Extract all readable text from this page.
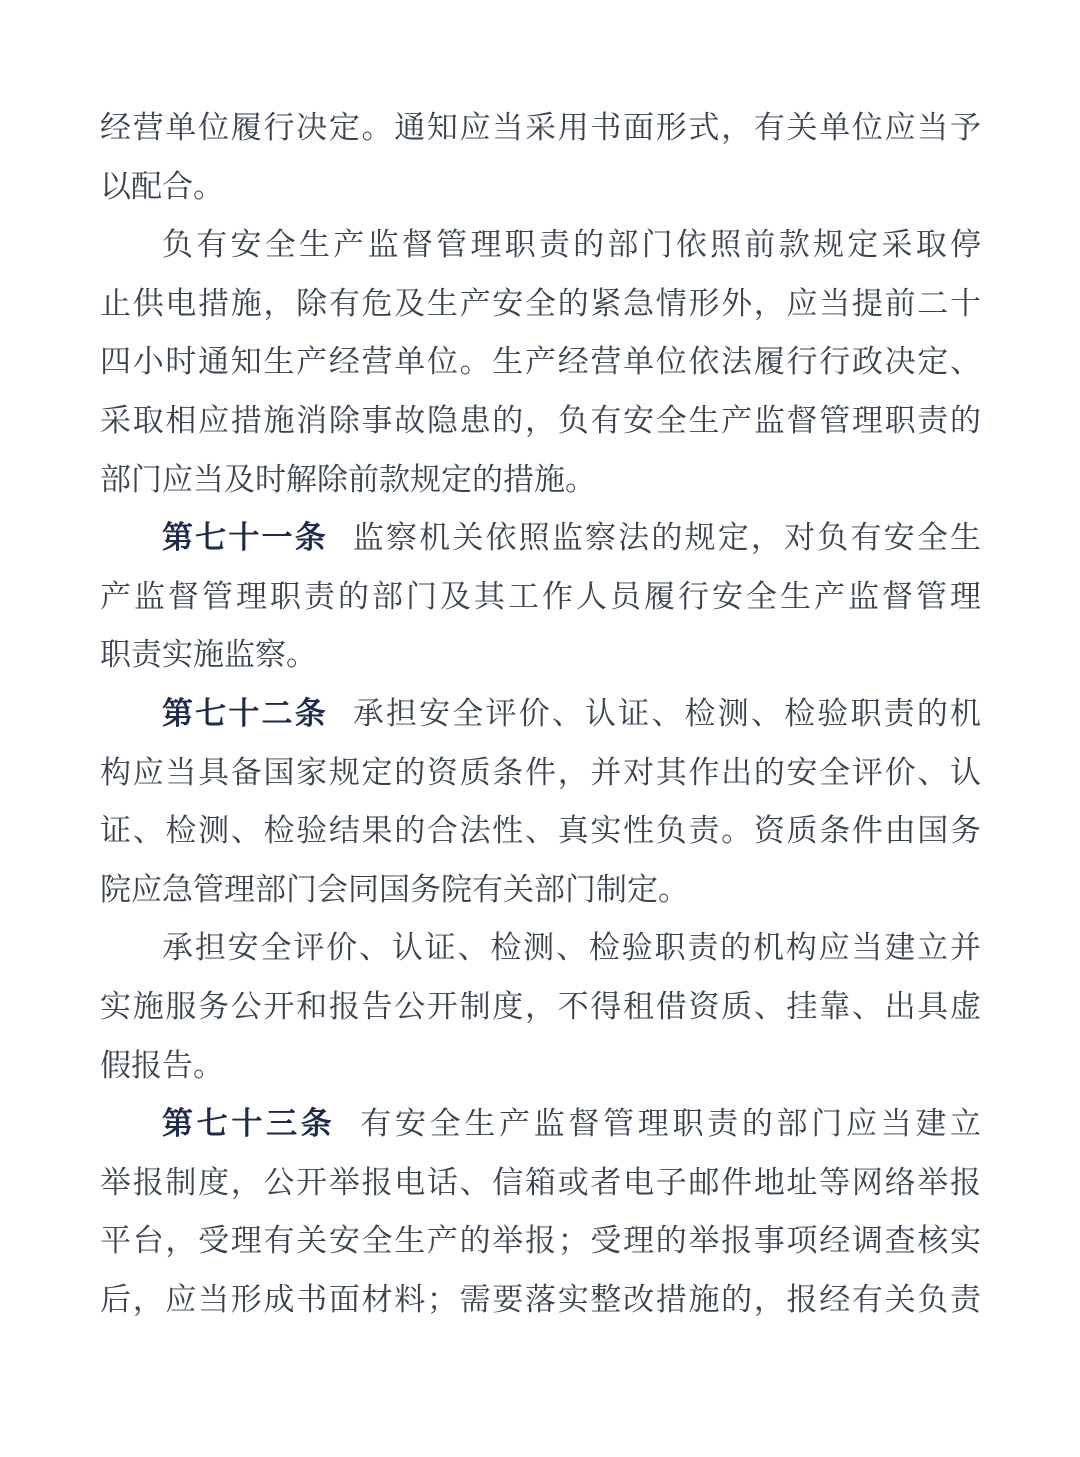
经营单位履行决定。通知应当采用书面形式，有关单位应当予
以配合。
负有安全生产监督管理职责的部门依照前款规定采取停
止供电措施，除有危及生产安全的紧急情形外，应当提前二十
四小时通知生产经营单位。生产经营单位依法履行行政决定、
采取相应措施消除事故隐患的，负有安全生产监督管理职责的
部门应当及时解除前款规定的措施。
第七十一条 监察机关依照监察法的规定，对负有安全生
产监督管理职责的部门及其工作人员履行安全生产监督管理
职责实施监察。
第七十二条 承担安全评价、认证、检测、检验职责的机
构应当具备国家规定的资质条件，并对其作出的安全评价、认
证、检测、检验结果的合法性、真实性负责。资质条件由国务
院应急管理部门会同国务院有关部门制定。
承担安全评价、认证、检测、检验职责的机构应当建立并
实施服务公开和报告公开制度，不得租借资质、挂靠、出具虚
假报告。
第七十三条 有安全生产监督管理职责的部门应当建立
举报制度，公开举报电话、信箱或者电子邮件地址等网络举报
平台，受理有关安全生产的举报；受理的举报事项经调查核实
后，应当形成书面材料；需要落实整改措施的，报经有关负责
